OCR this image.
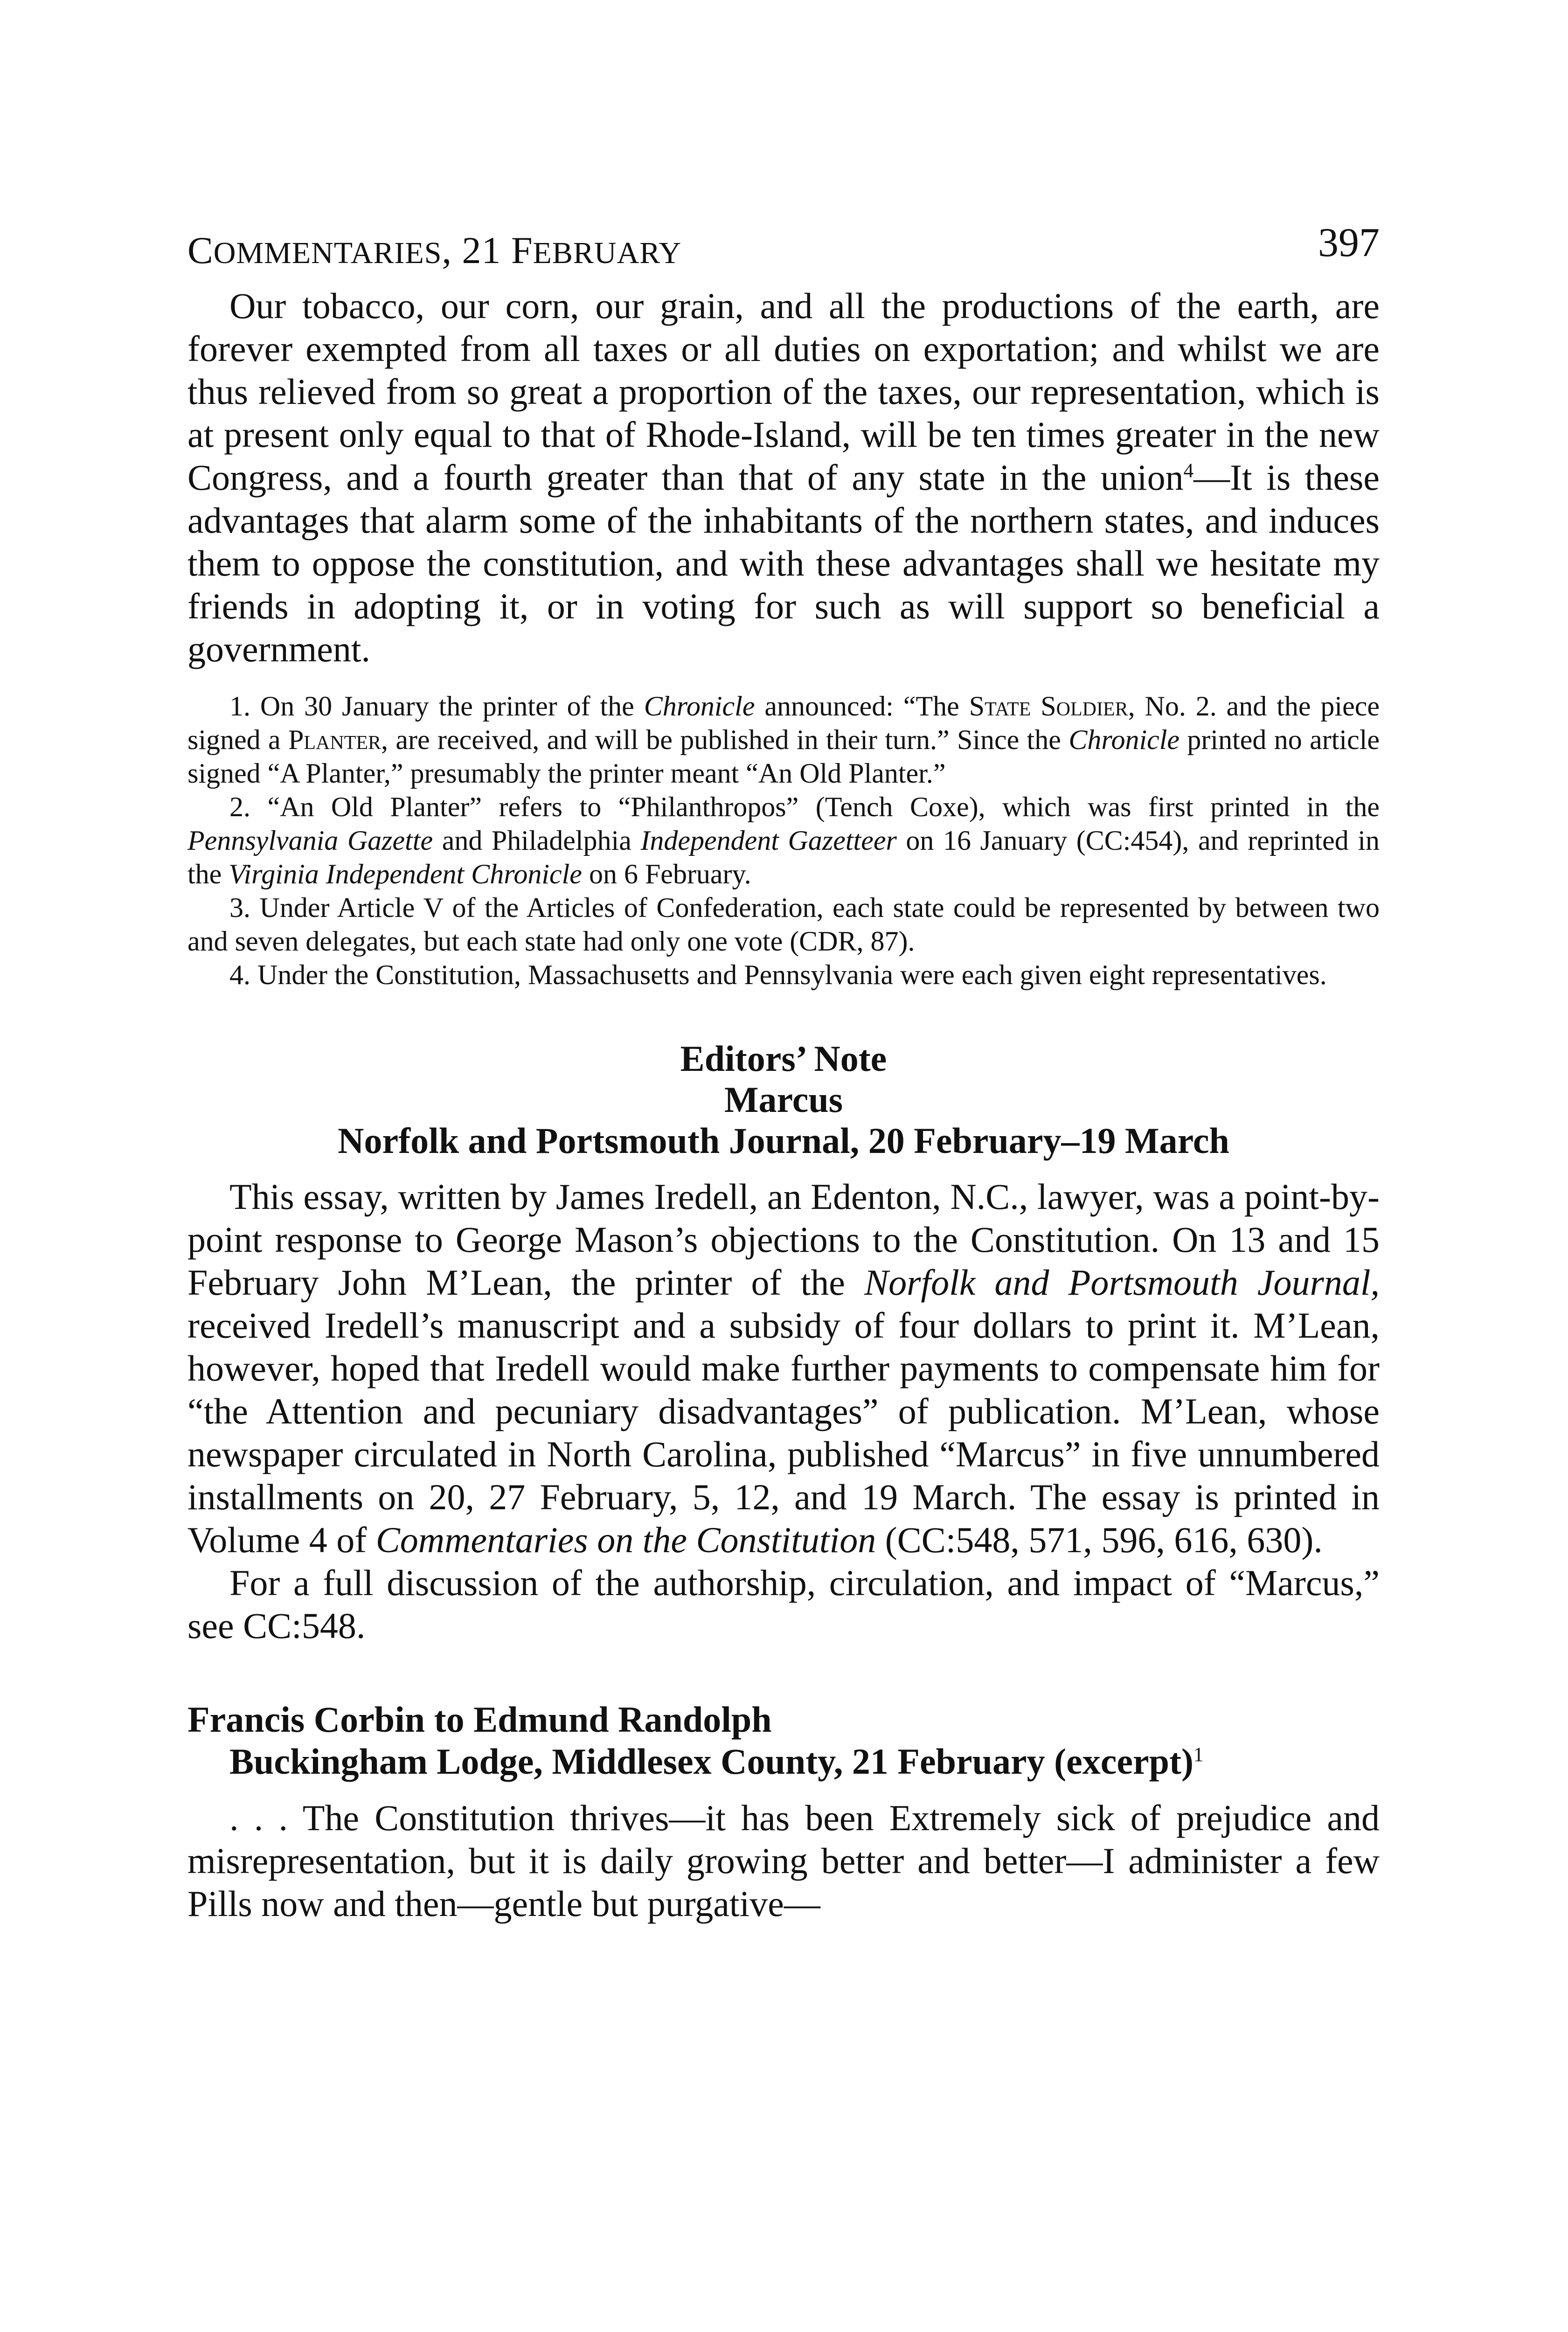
COMMENTARIES, 21 FEBRUARY	397

Our tobacco, our corn, our grain, and all the productions of the earth, are forever exempted from all taxes or all duties on exportation; and whilst we are thus relieved from so great a proportion of the taxes, our representation, which is at present only equal to that of Rhode-Island, will be ten times greater in the new Congress, and a fourth greater than that of any state in the union$^4$—It is these advantages that alarm some of the inhabitants of the northern states, and induces them to oppose the constitution, and with these advantages shall we hesitate my friends in adopting it, or in voting for such as will support so beneficial a government.

1. On 30 January the printer of the Chronicle announced: “The State Soldier, No. 2. and the piece signed a Planter, are received, and will be published in their turn.” Since the Chronicle printed no article signed “A Planter,” presumably the printer meant “An Old Planter.”

2. “An Old Planter” refers to “Philanthropos” (Tench Coxe), which was first printed in the Pennsylvania Gazette and Philadelphia Independent Gazetteer on 16 January (CC:454), and reprinted in the Virginia Independent Chronicle on 6 February.

3. Under Article V of the Articles of Confederation, each state could be represented by between two and seven delegates, but each state had only one vote (CDR, 87).

4. Under the Constitution, Massachusetts and Pennsylvania were each given eight representatives.

Editors’ Note

Marcus

Norfolk and Portsmouth Journal, 20 February–19 March

This essay, written by James Iredell, an Edenton, N.C., lawyer, was a point-by-point response to George Mason’s objections to the Constitution. On 13 and 15 February John M’Lean, the printer of the Norfolk and Portsmouth Journal, received Iredell’s manuscript and a subsidy of four dollars to print it. M’Lean, however, hoped that Iredell would make further payments to compensate him for “the Attention and pecuniary disadvantages” of publication. M’Lean, whose newspaper circulated in North Carolina, published “Marcus” in five unnumbered installments on 20, 27 February, 5, 12, and 19 March. The essay is printed in Volume 4 of Commentaries on the Constitution (CC:548, 571, 596, 616, 630).

For a full discussion of the authorship, circulation, and impact of “Marcus,” see CC:548.

Francis Corbin to Edmund Randolph

Buckingham Lodge, Middlesex County, 21 February (excerpt)$^1$

. . . The Constitution thrives—it has been Extremely sick of prejudice and misrepresentation, but it is daily growing better and better—I administer a few Pills now and then—gentle but purgative—
